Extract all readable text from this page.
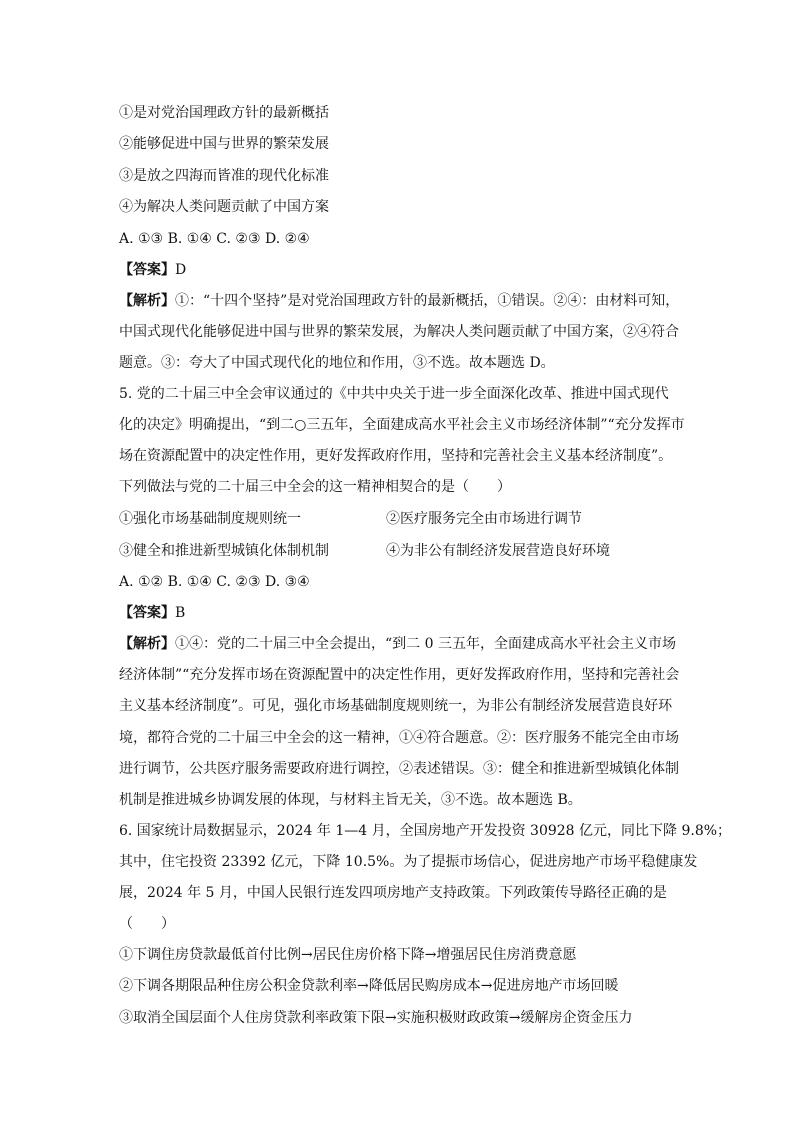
①是对党治国理政方针的最新概括
②能够促进中国与世界的繁荣发展
③是放之四海而皆准的现代化标准
④为解决人类问题贡献了中国方案
A. ①③ B. ①④ C. ②③ D. ②④
【答案】D
【解析】①：“十四个坚持”是对党治国理政方针的最新概括，①错误。②④：由材料可知，
中国式现代化能够促进中国与世界的繁荣发展，为解决人类问题贡献了中国方案，②④符合
题意。③：夸大了中国式现代化的地位和作用，③不选。故本题选 D。
5. 党的二十届三中全会审议通过的《中共中央关于进一步全面深化改革、推进中国式现代
化的决定》明确提出，“到二○三五年，全面建成高水平社会主义市场经济体制”“充分发挥市
场在资源配置中的决定性作用，更好发挥政府作用，坚持和完善社会主义基本经济制度”。
下列做法与党的二十届三中全会的这一精神相契合的是（　　）
①强化市场基础制度规则统一	②医疗服务完全由市场进行调节
③健全和推进新型城镇化体制机制	④为非公有制经济发展营造良好环境
A. ①② B. ①④ C. ②③ D. ③④
【答案】B
【解析】①④：党的二十届三中全会提出，“到二 0 三五年，全面建成高水平社会主义市场
经济体制”“充分发挥市场在资源配置中的决定性作用，更好发挥政府作用，坚持和完善社会
主义基本经济制度”。可见，强化市场基础制度规则统一，为非公有制经济发展营造良好环
境，都符合党的二十届三中全会的这一精神，①④符合题意。②：医疗服务不能完全由市场
进行调节，公共医疗服务需要政府进行调控，②表述错误。③：健全和推进新型城镇化体制
机制是推进城乡协调发展的体现，与材料主旨无关，③不选。故本题选 B。
6. 国家统计局数据显示，2024 年 1—4 月，全国房地产开发投资 30928 亿元，同比下降 9.8%；
其中，住宅投资 23392 亿元，下降 10.5%。为了提振市场信心，促进房地产市场平稳健康发
展，2024 年 5 月，中国人民银行连发四项房地产支持政策。下列政策传导路径正确的是
（　　）
①下调住房贷款最低首付比例→居民住房价格下降→增强居民住房消费意愿
②下调各期限品种住房公积金贷款利率→降低居民购房成本→促进房地产市场回暖
③取消全国层面个人住房贷款利率政策下限→实施积极财政政策→缓解房企资金压力
